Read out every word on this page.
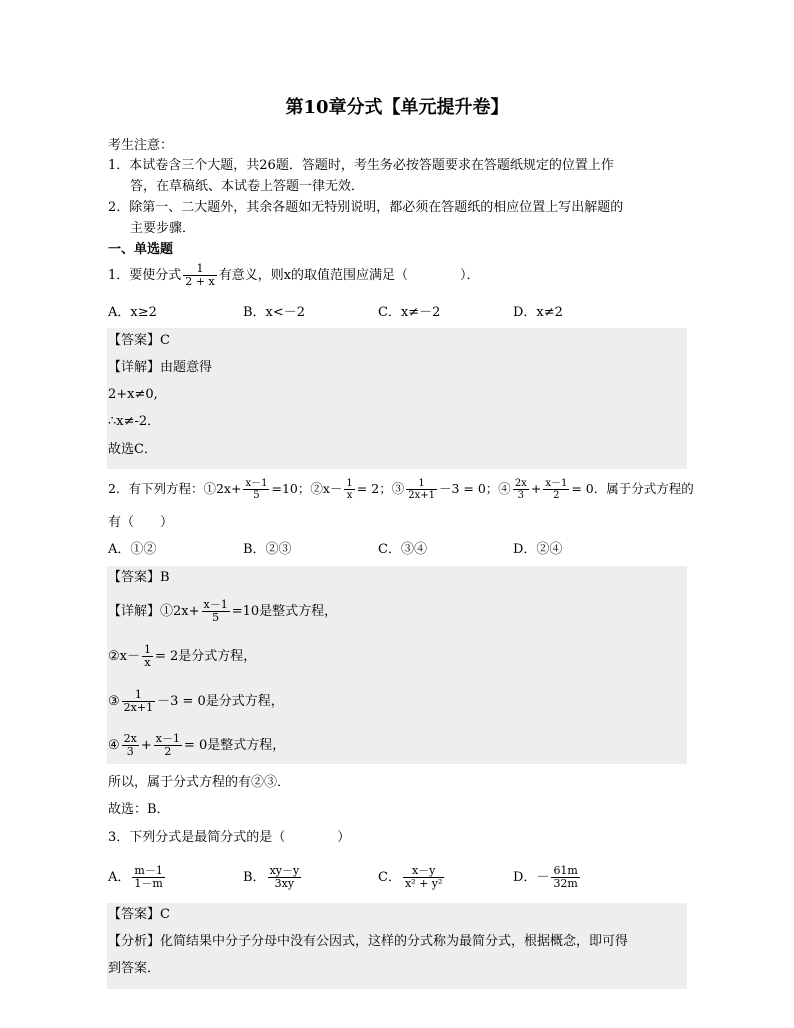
第10章分式【单元提升卷】
考生注意：
1．本试卷含三个大题，共26题．答题时，考生务必按答题要求在答题纸规定的位置上作
答，在草稿纸、本试卷上答题一律无效．
2．除第一、二大题外，其余各题如无特别说明，都必须在答题纸的相应位置上写出解题的
主要步骤．
一、单选题
1．要使分式 $\frac{1}{2 + x}$ 有意义，则x的取值范围应满足（　　　　）．
A．x≥2	B．x<－2	C．x≠－2	D．x≠2
【答案】C
【详解】由题意得
2+x≠0,
∴x≠-2．
故选C．
2．有下列方程：①2x+ $\frac{x-1}{5} =10$；②x－ $\frac{1}{x} = 2$；③ $\frac{1}{2x+1} -3 = 0$；④ $\frac{2x}{3} + \frac{x-1}{2} = 0$．属于分式方程的
有（　　）
A．①②	B．②③	C．③④	D．②④
【答案】B
【详解】①2x+ $\frac{x-1}{5} =10$是整式方程，
②x－ $\frac{1}{x} = 2$是分式方程，
③ $\frac{1}{2x+1} -3 = 0$是分式方程，
④ $\frac{2x}{3} + \frac{x-1}{2} = 0$是整式方程，
所以，属于分式方程的有②③．
故选：B．
3．下列分式是最简分式的是（　　　　）
A． $\frac{m-1}{1-m}$	B． $\frac{xy-y}{3xy}$	C． $\frac{x-y}{\text{x² + y²}}$	D．－ $\frac{61m}{32m}$
【答案】C
【分析】化简结果中分子分母中没有公因式，这样的分式称为最简分式，根据概念，即可得
到答案．
